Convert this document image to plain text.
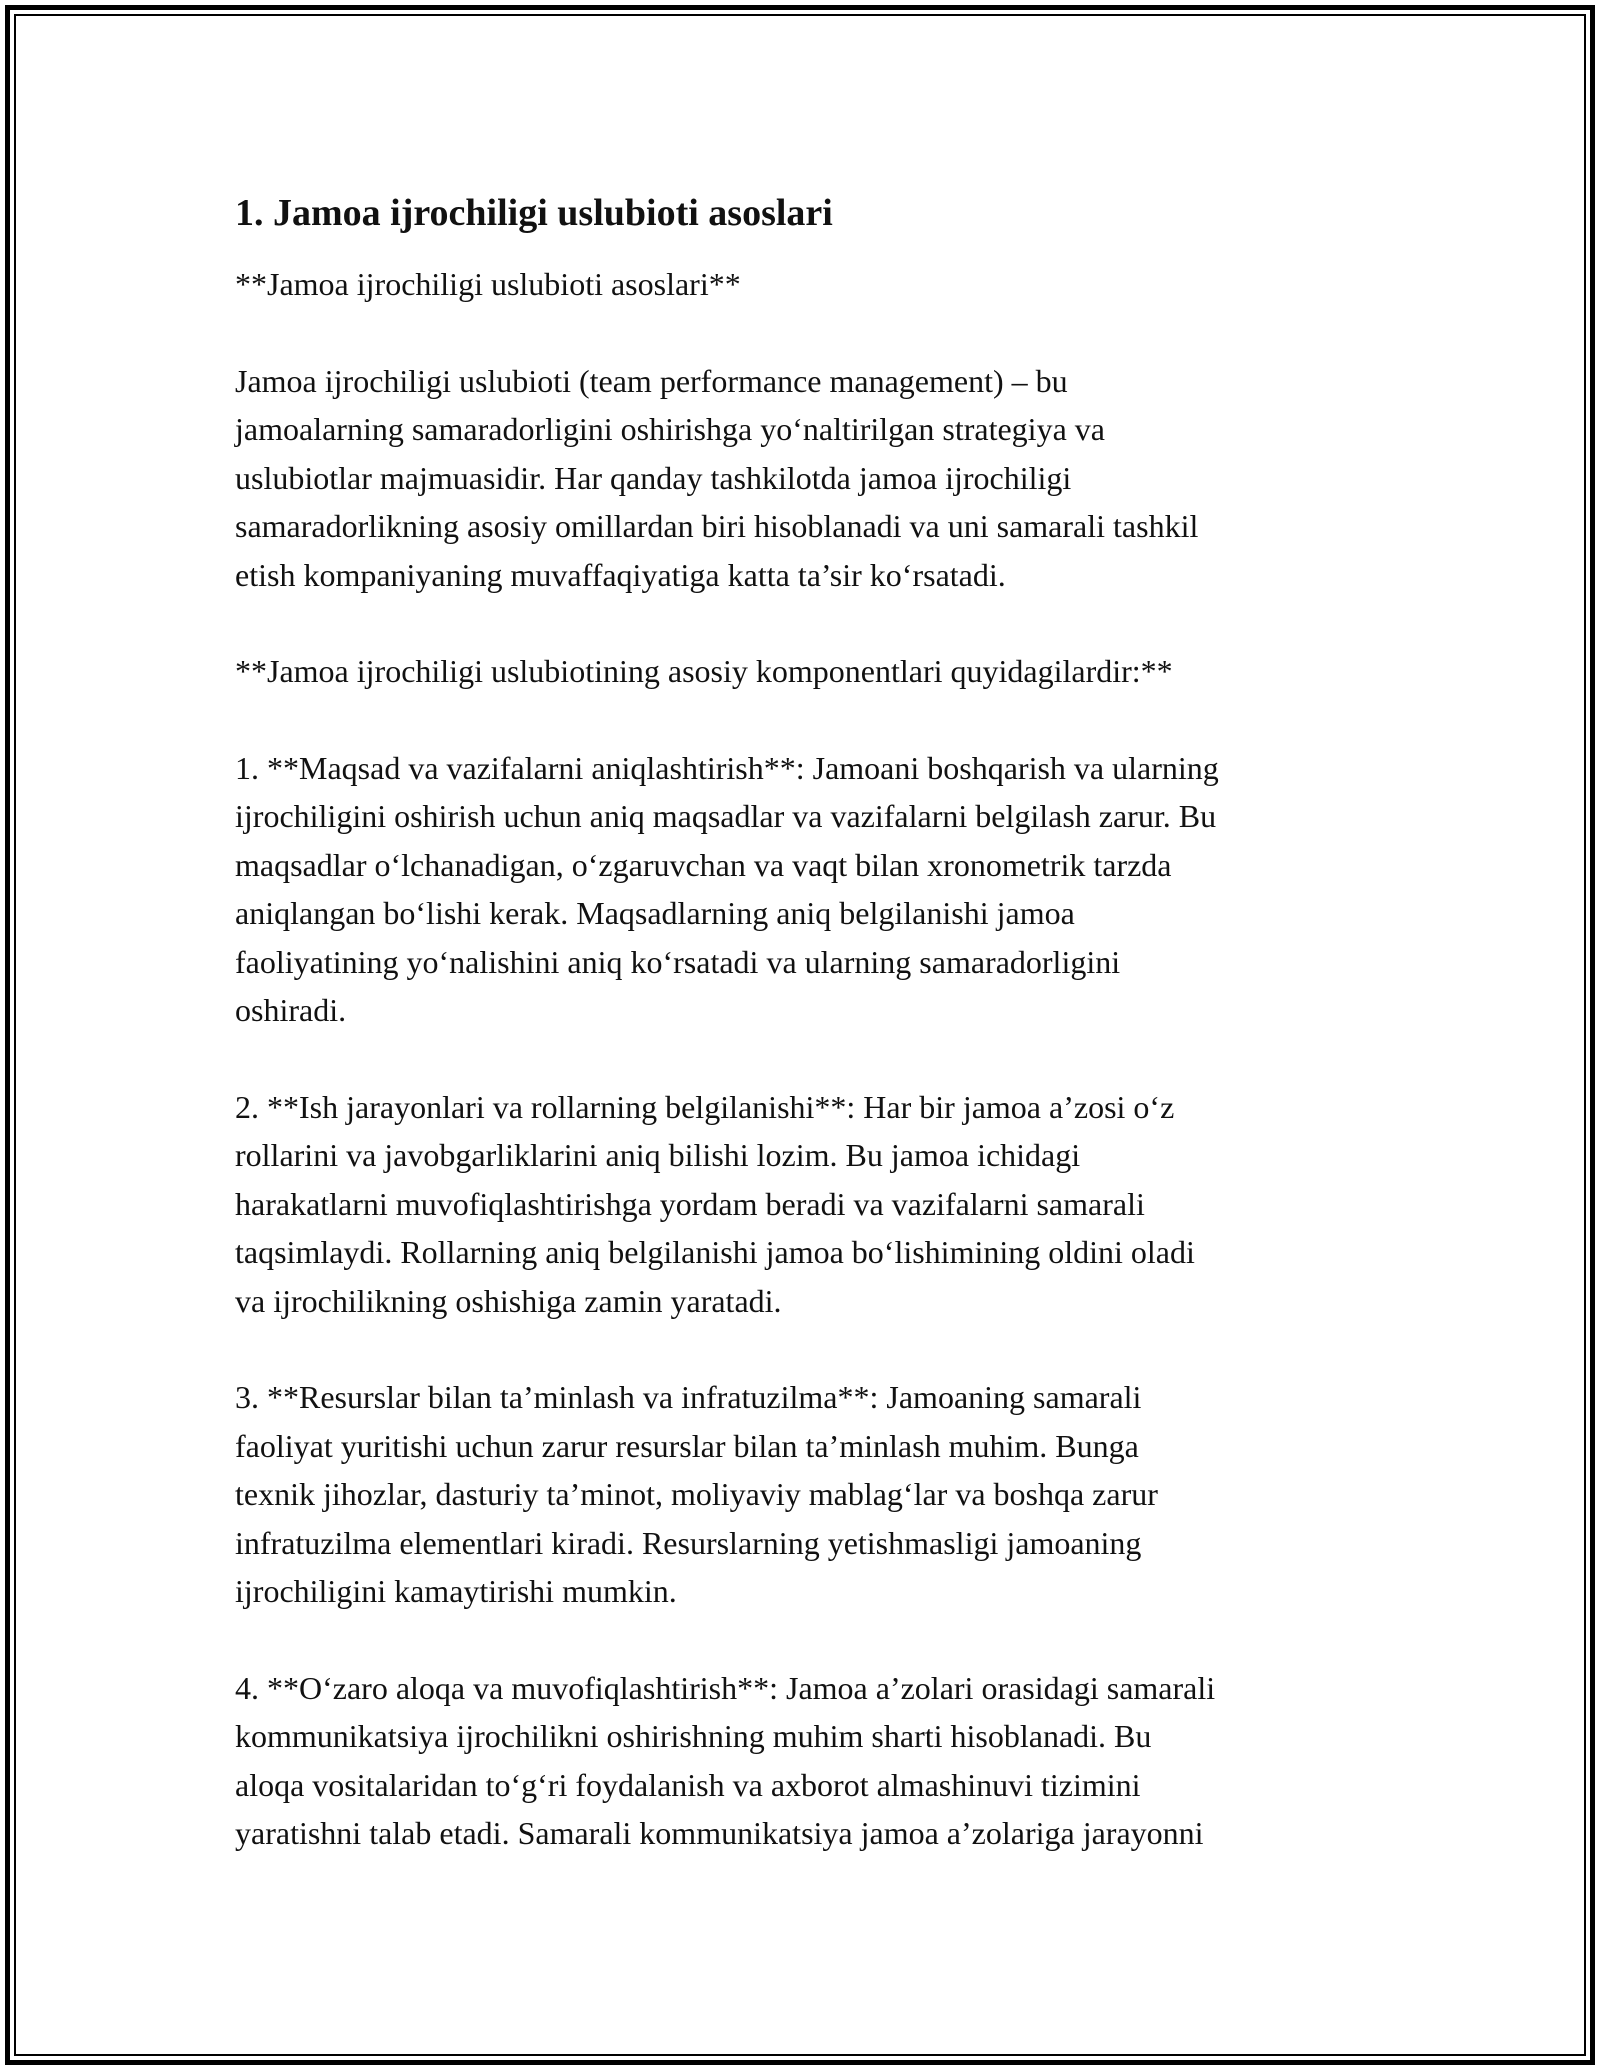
1. Jamoa ijrochiligi uslubioti asoslari
**Jamoa ijrochiligi uslubioti asoslari**
Jamoa ijrochiligi uslubioti (team performance management) – bu
jamoalarning samaradorligini oshirishga yo‘naltirilgan strategiya va
uslubiotlar majmuasidir. Har qanday tashkilotda jamoa ijrochiligi
samaradorlikning asosiy omillardan biri hisoblanadi va uni samarali tashkil
etish kompaniyaning muvaffaqiyatiga katta ta’sir ko‘rsatadi.
**Jamoa ijrochiligi uslubiotining asosiy komponentlari quyidagilardir:**
1. **Maqsad va vazifalarni aniqlashtirish**: Jamoani boshqarish va ularning
ijrochiligini oshirish uchun aniq maqsadlar va vazifalarni belgilash zarur. Bu
maqsadlar o‘lchanadigan, o‘zgaruvchan va vaqt bilan xronometrik tarzda
aniqlangan bo‘lishi kerak. Maqsadlarning aniq belgilanishi jamoa
faoliyatining yo‘nalishini aniq ko‘rsatadi va ularning samaradorligini
oshiradi.
2. **Ish jarayonlari va rollarning belgilanishi**: Har bir jamoa a’zosi o‘z
rollarini va javobgarliklarini aniq bilishi lozim. Bu jamoa ichidagi
harakatlarni muvofiqlashtirishga yordam beradi va vazifalarni samarali
taqsimlaydi. Rollarning aniq belgilanishi jamoa bo‘lishimining oldini oladi
va ijrochilikning oshishiga zamin yaratadi.
3. **Resurslar bilan ta’minlash va infratuzilma**: Jamoaning samarali
faoliyat yuritishi uchun zarur resurslar bilan ta’minlash muhim. Bunga
texnik jihozlar, dasturiy ta’minot, moliyaviy mablag‘lar va boshqa zarur
infratuzilma elementlari kiradi. Resurslarning yetishmasligi jamoaning
ijrochiligini kamaytirishi mumkin.
4. **O‘zaro aloqa va muvofiqlashtirish**: Jamoa a’zolari orasidagi samarali
kommunikatsiya ijrochilikni oshirishning muhim sharti hisoblanadi. Bu
aloqa vositalaridan to‘g‘ri foydalanish va axborot almashinuvi tizimini
yaratishni talab etadi. Samarali kommunikatsiya jamoa a’zolariga jarayonni
